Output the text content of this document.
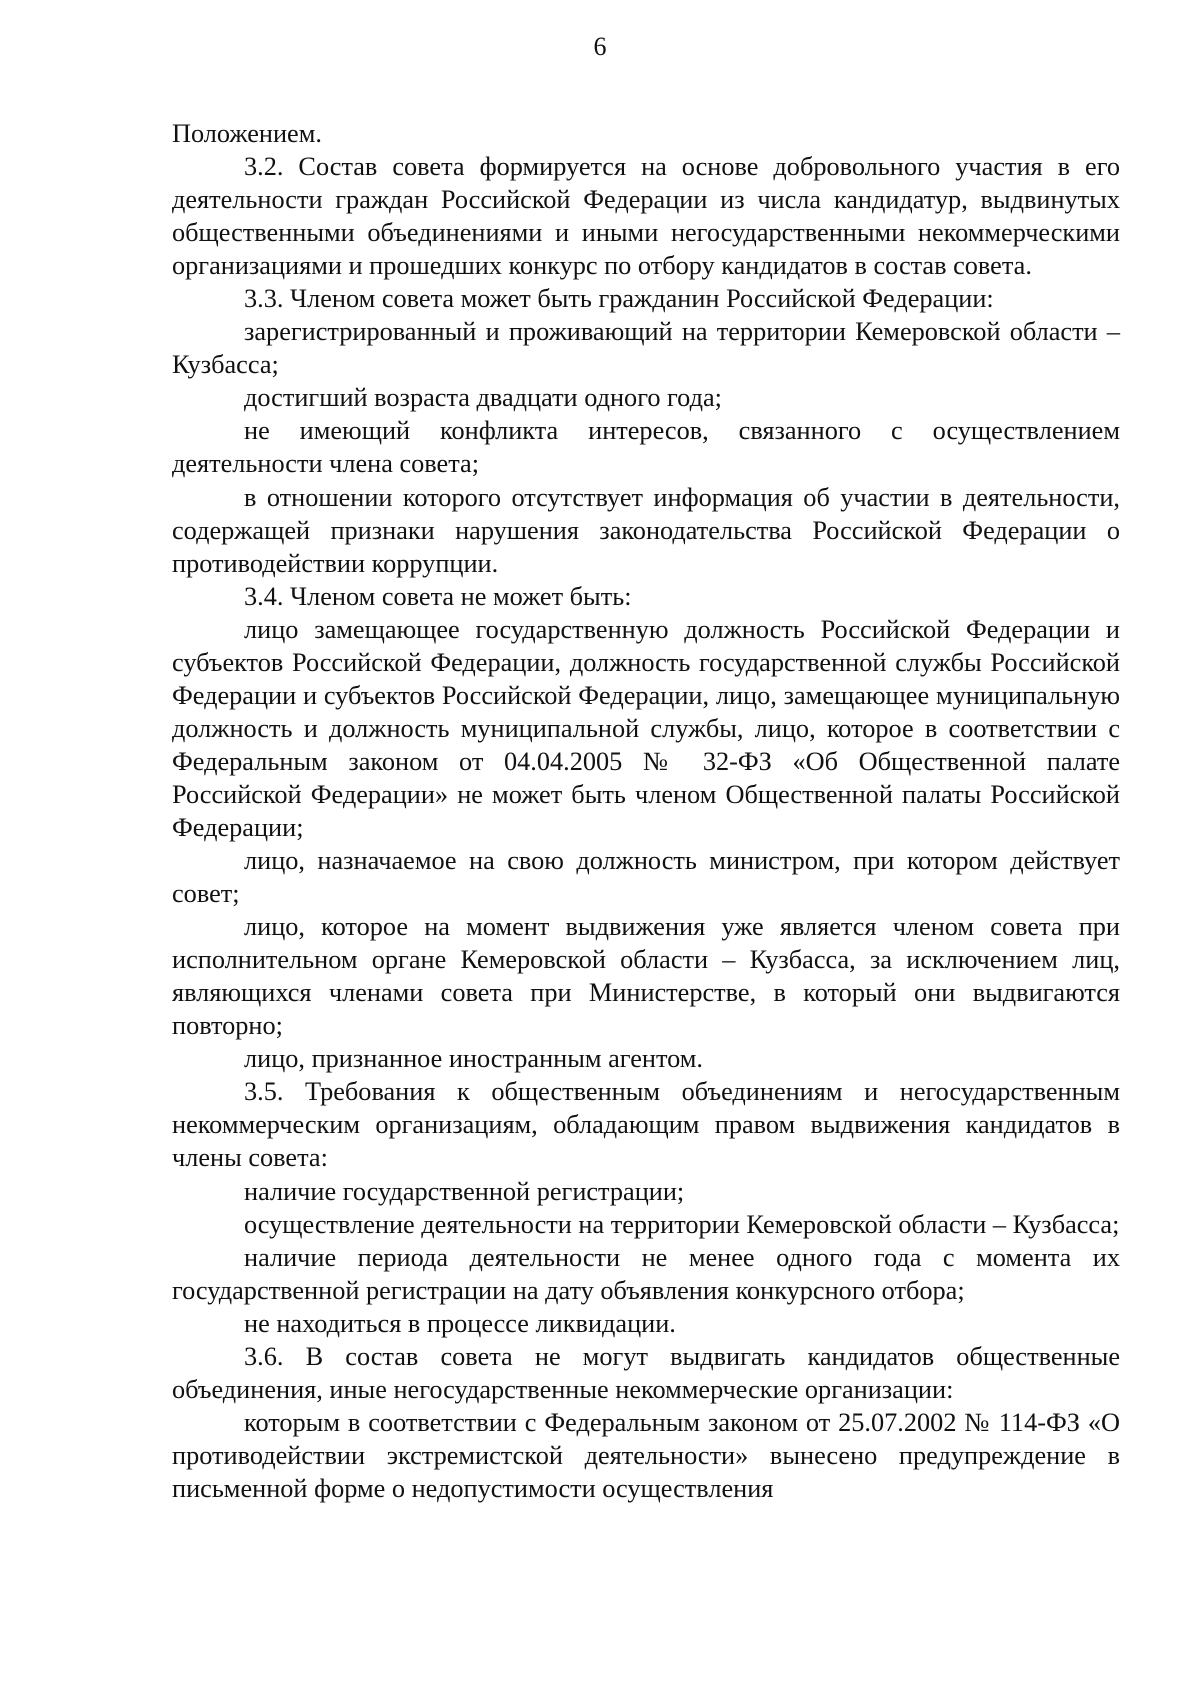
6

Положением.

3.2. Состав совета формируется на основе добровольного участия в его деятельности граждан Российской Федерации из числа кандидатур, выдвинутых общественными объединениями и иными негосударственными некоммерческими организациями и прошедших конкурс по отбору кандидатов в состав совета.

3.3. Членом совета может быть гражданин Российской Федерации:

зарегистрированный и проживающий на территории Кемеровской области – Кузбасса;

достигший возраста двадцати одного года;

не имеющий конфликта интересов, связанного с осуществлением деятельности члена совета;

в отношении которого отсутствует информация об участии в деятельности, содержащей признаки нарушения законодательства Российской Федерации о противодействии коррупции.

3.4. Членом совета не может быть:

лицо замещающее государственную должность Российской Федерации и субъектов Российской Федерации, должность государственной службы Российской Федерации и субъектов Российской Федерации, лицо, замещающее муниципальную должность и должность муниципальной службы, лицо, которое в соответствии с Федеральным законом от 04.04.2005 № 32-ФЗ «Об Общественной палате Российской Федерации» не может быть членом Общественной палаты Российской Федерации;

лицо, назначаемое на свою должность министром, при котором действует совет;

лицо, которое на момент выдвижения уже является членом совета при исполнительном органе Кемеровской области – Кузбасса, за исключением лиц, являющихся членами совета при Министерстве, в который они выдвигаются повторно;

лицо, признанное иностранным агентом.

3.5. Требования к общественным объединениям и негосударственным некоммерческим организациям, обладающим правом выдвижения кандидатов в члены совета:

наличие государственной регистрации;

осуществление деятельности на территории Кемеровской области – Кузбасса;

наличие периода деятельности не менее одного года с момента их государственной регистрации на дату объявления конкурсного отбора;

не находиться в процессе ликвидации.

3.6. В состав совета не могут выдвигать кандидатов общественные объединения, иные негосударственные некоммерческие организации:

которым в соответствии с Федеральным законом от 25.07.2002 № 114-ФЗ «О противодействии экстремистской деятельности» вынесено предупреждение в письменной форме о недопустимости осуществления
